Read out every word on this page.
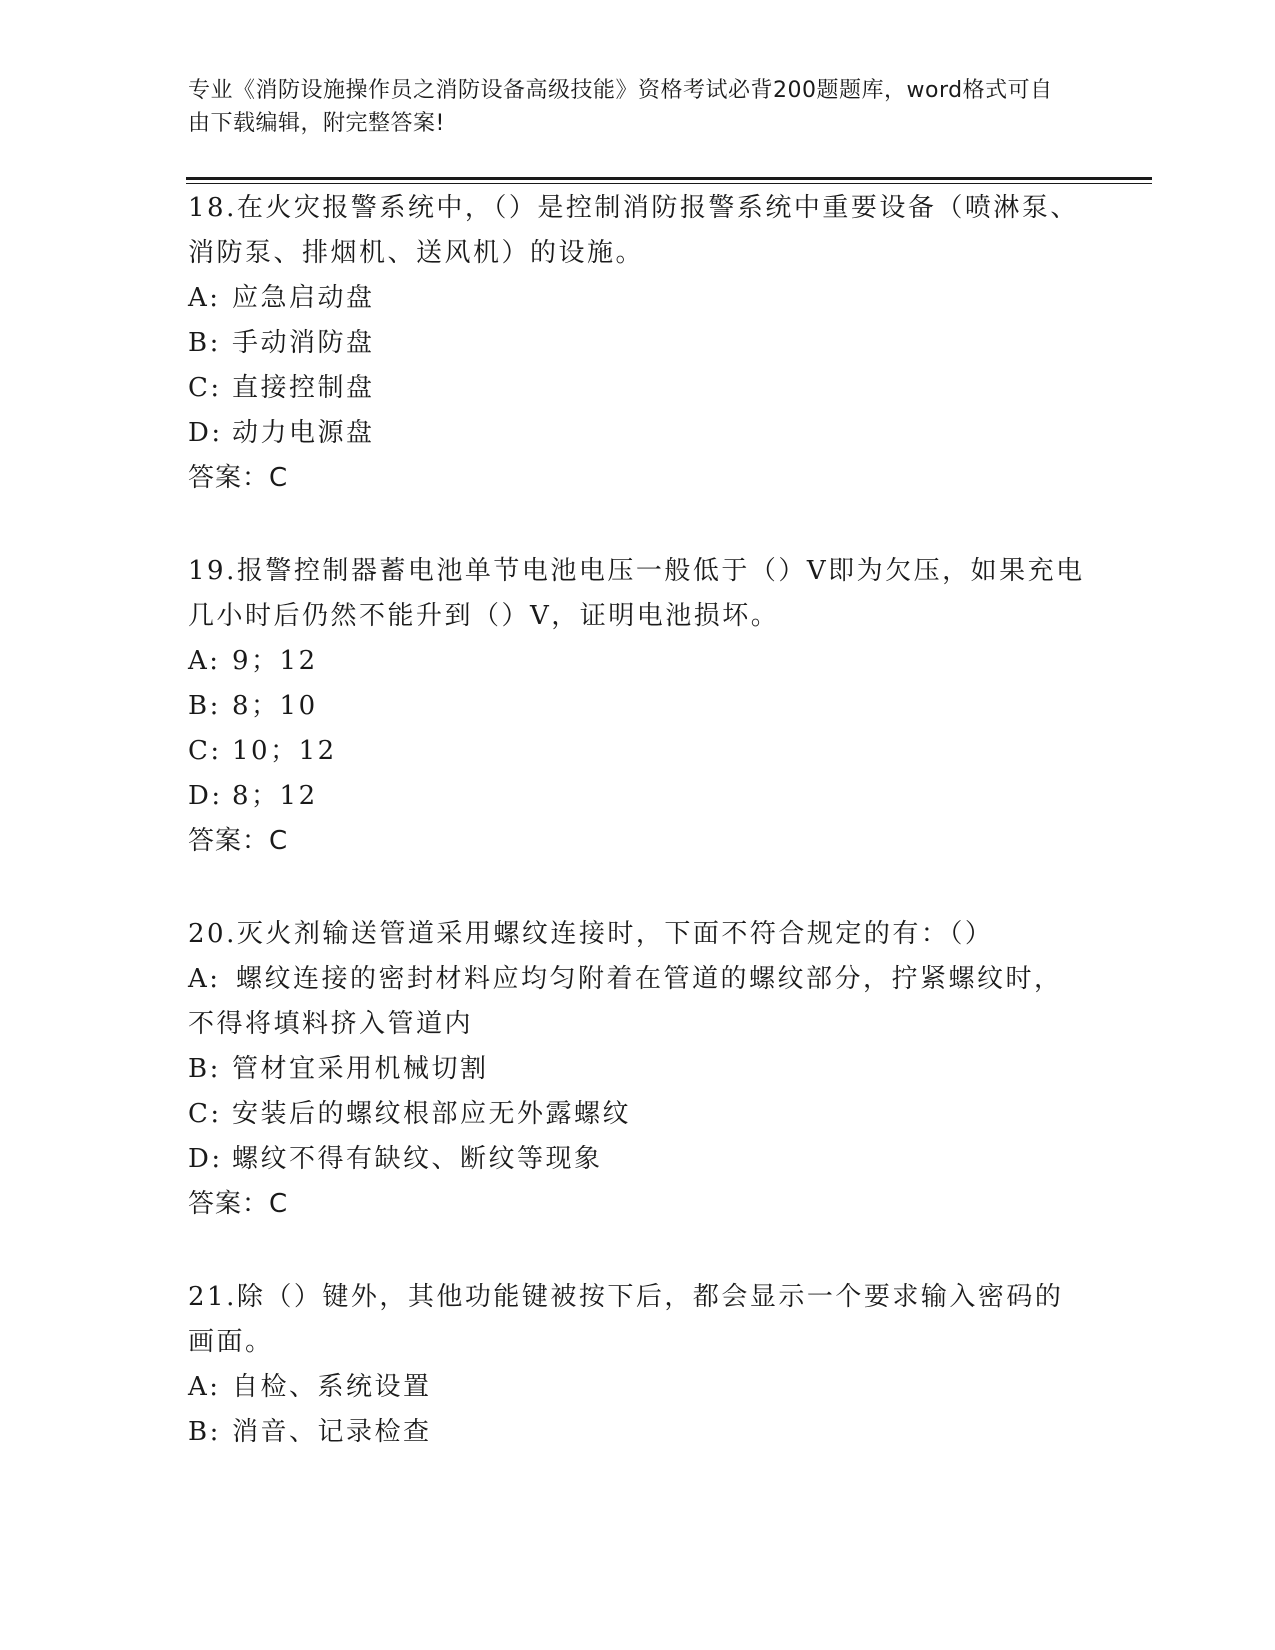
专业《消防设施操作员之消防设备高级技能》资格考试必背200题题库，word格式可自由下载编辑，附完整答案!

18.在火灾报警系统中，（）是控制消防报警系统中重要设备（喷淋泵、消防泵、排烟机、送风机）的设施。

A: 应急启动盘

B: 手动消防盘

C: 直接控制盘

D: 动力电源盘

答案：C

19.报警控制器蓄电池单节电池电压一般低于（）V即为欠压，如果充电几小时后仍然不能升到（）V，证明电池损坏。

A: 9；12

B: 8；10

C: 10；12

D: 8；12

答案：C

20.灭火剂输送管道采用螺纹连接时，下面不符合规定的有：（）

A:  螺纹连接的密封材料应均匀附着在管道的螺纹部分，拧紧螺纹时，不得将填料挤入管道内

B: 管材宜采用机械切割

C: 安装后的螺纹根部应无外露螺纹

D: 螺纹不得有缺纹、断纹等现象

答案：C

21.除（）键外，其他功能键被按下后，都会显示一个要求输入密码的画面。

A: 自检、系统设置

B: 消音、记录检查
